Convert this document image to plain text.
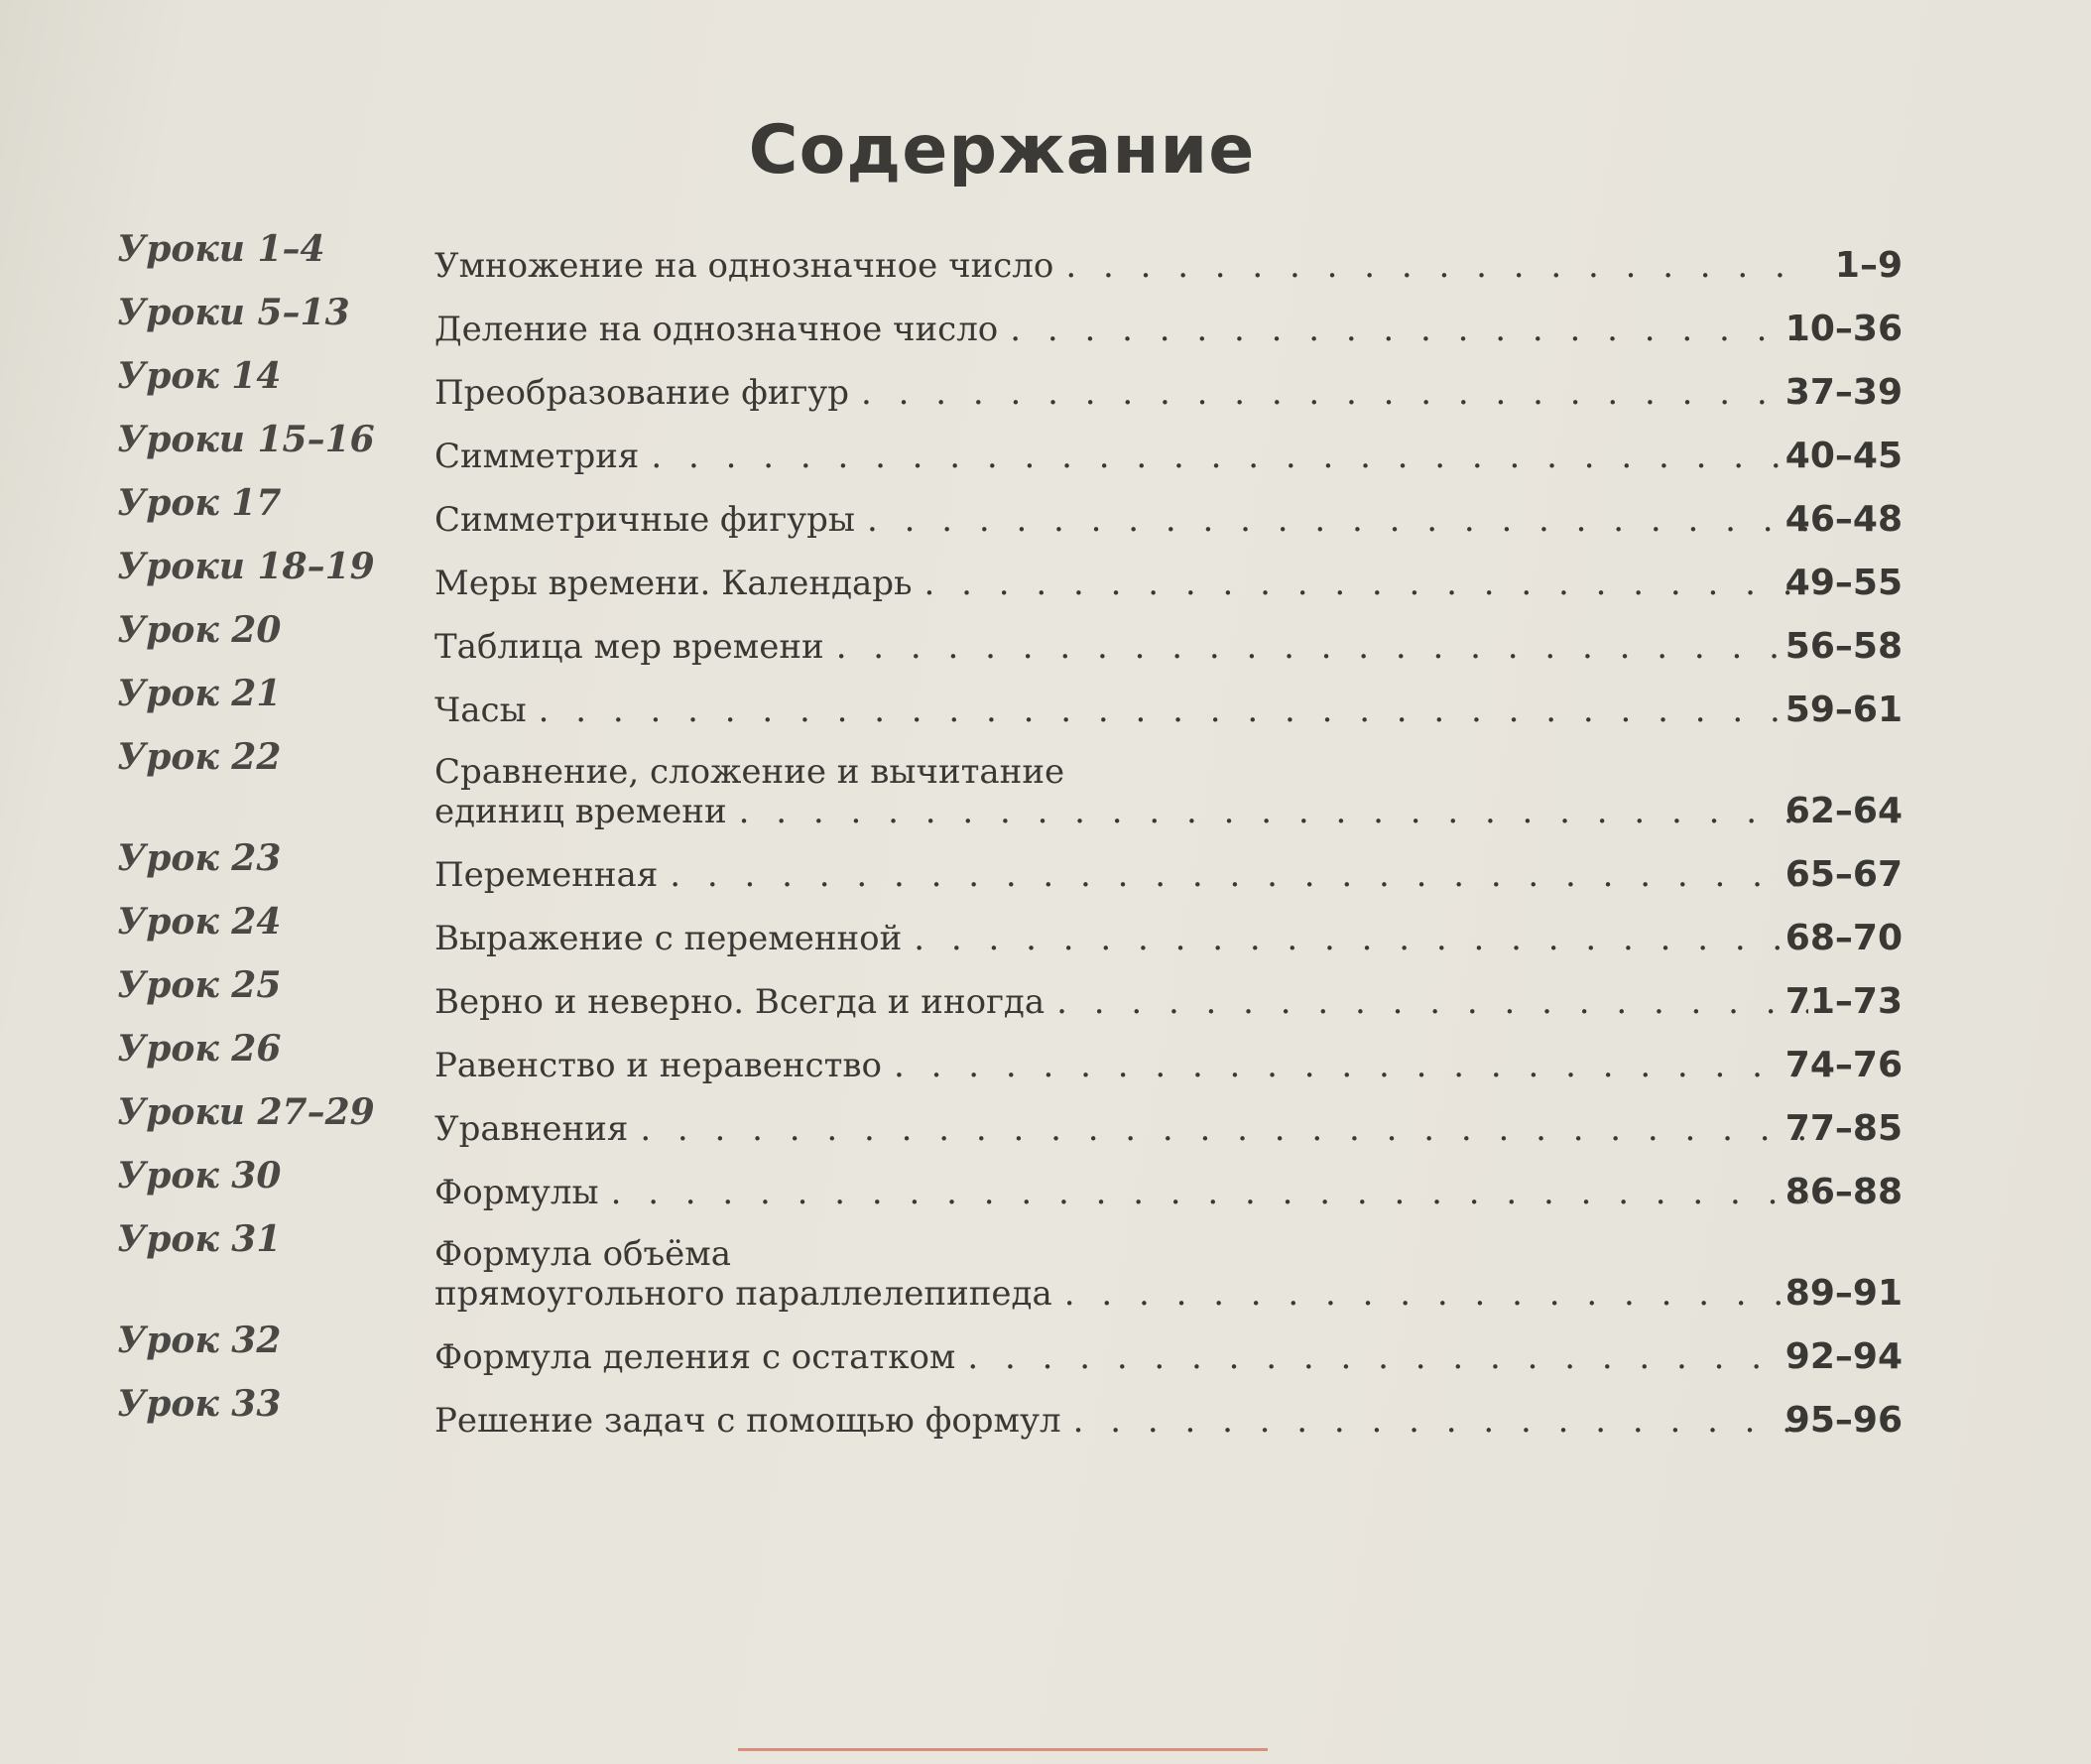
Содержание
Уроки 1–4	Умножение на однозначное число . . .	1–9
Уроки 5–13	Деление на однозначное число . . .	10–36
Урок 14	Преобразование фигур . . .	37–39
Уроки 15–16	Симметрия . . .	40–45
Урок 17	Симметричные фигуры . . .	46–48
Уроки 18–19	Меры времени. Календарь . . .	49–55
Урок 20	Таблица мер времени . . .	56–58
Урок 21	Часы . . .	59–61
Урок 22	Сравнение, сложение и вычитание
единиц времени . . .	62–64
Урок 23	Переменная . . .	65–67
Урок 24	Выражение с переменной . . .	68–70
Урок 25	Верно и неверно. Всегда и иногда . . .	71–73
Урок 26	Равенство и неравенство . . .	74–76
Уроки 27–29	Уравнения . . .	77–85
Урок 30	Формулы . . .	86–88
Урок 31	Формула объёма
прямоугольного параллелепипеда . . .	89–91
Урок 32	Формула деления с остатком . . .	92–94
Урок 33	Решение задач с помощью формул . . .	95–96
